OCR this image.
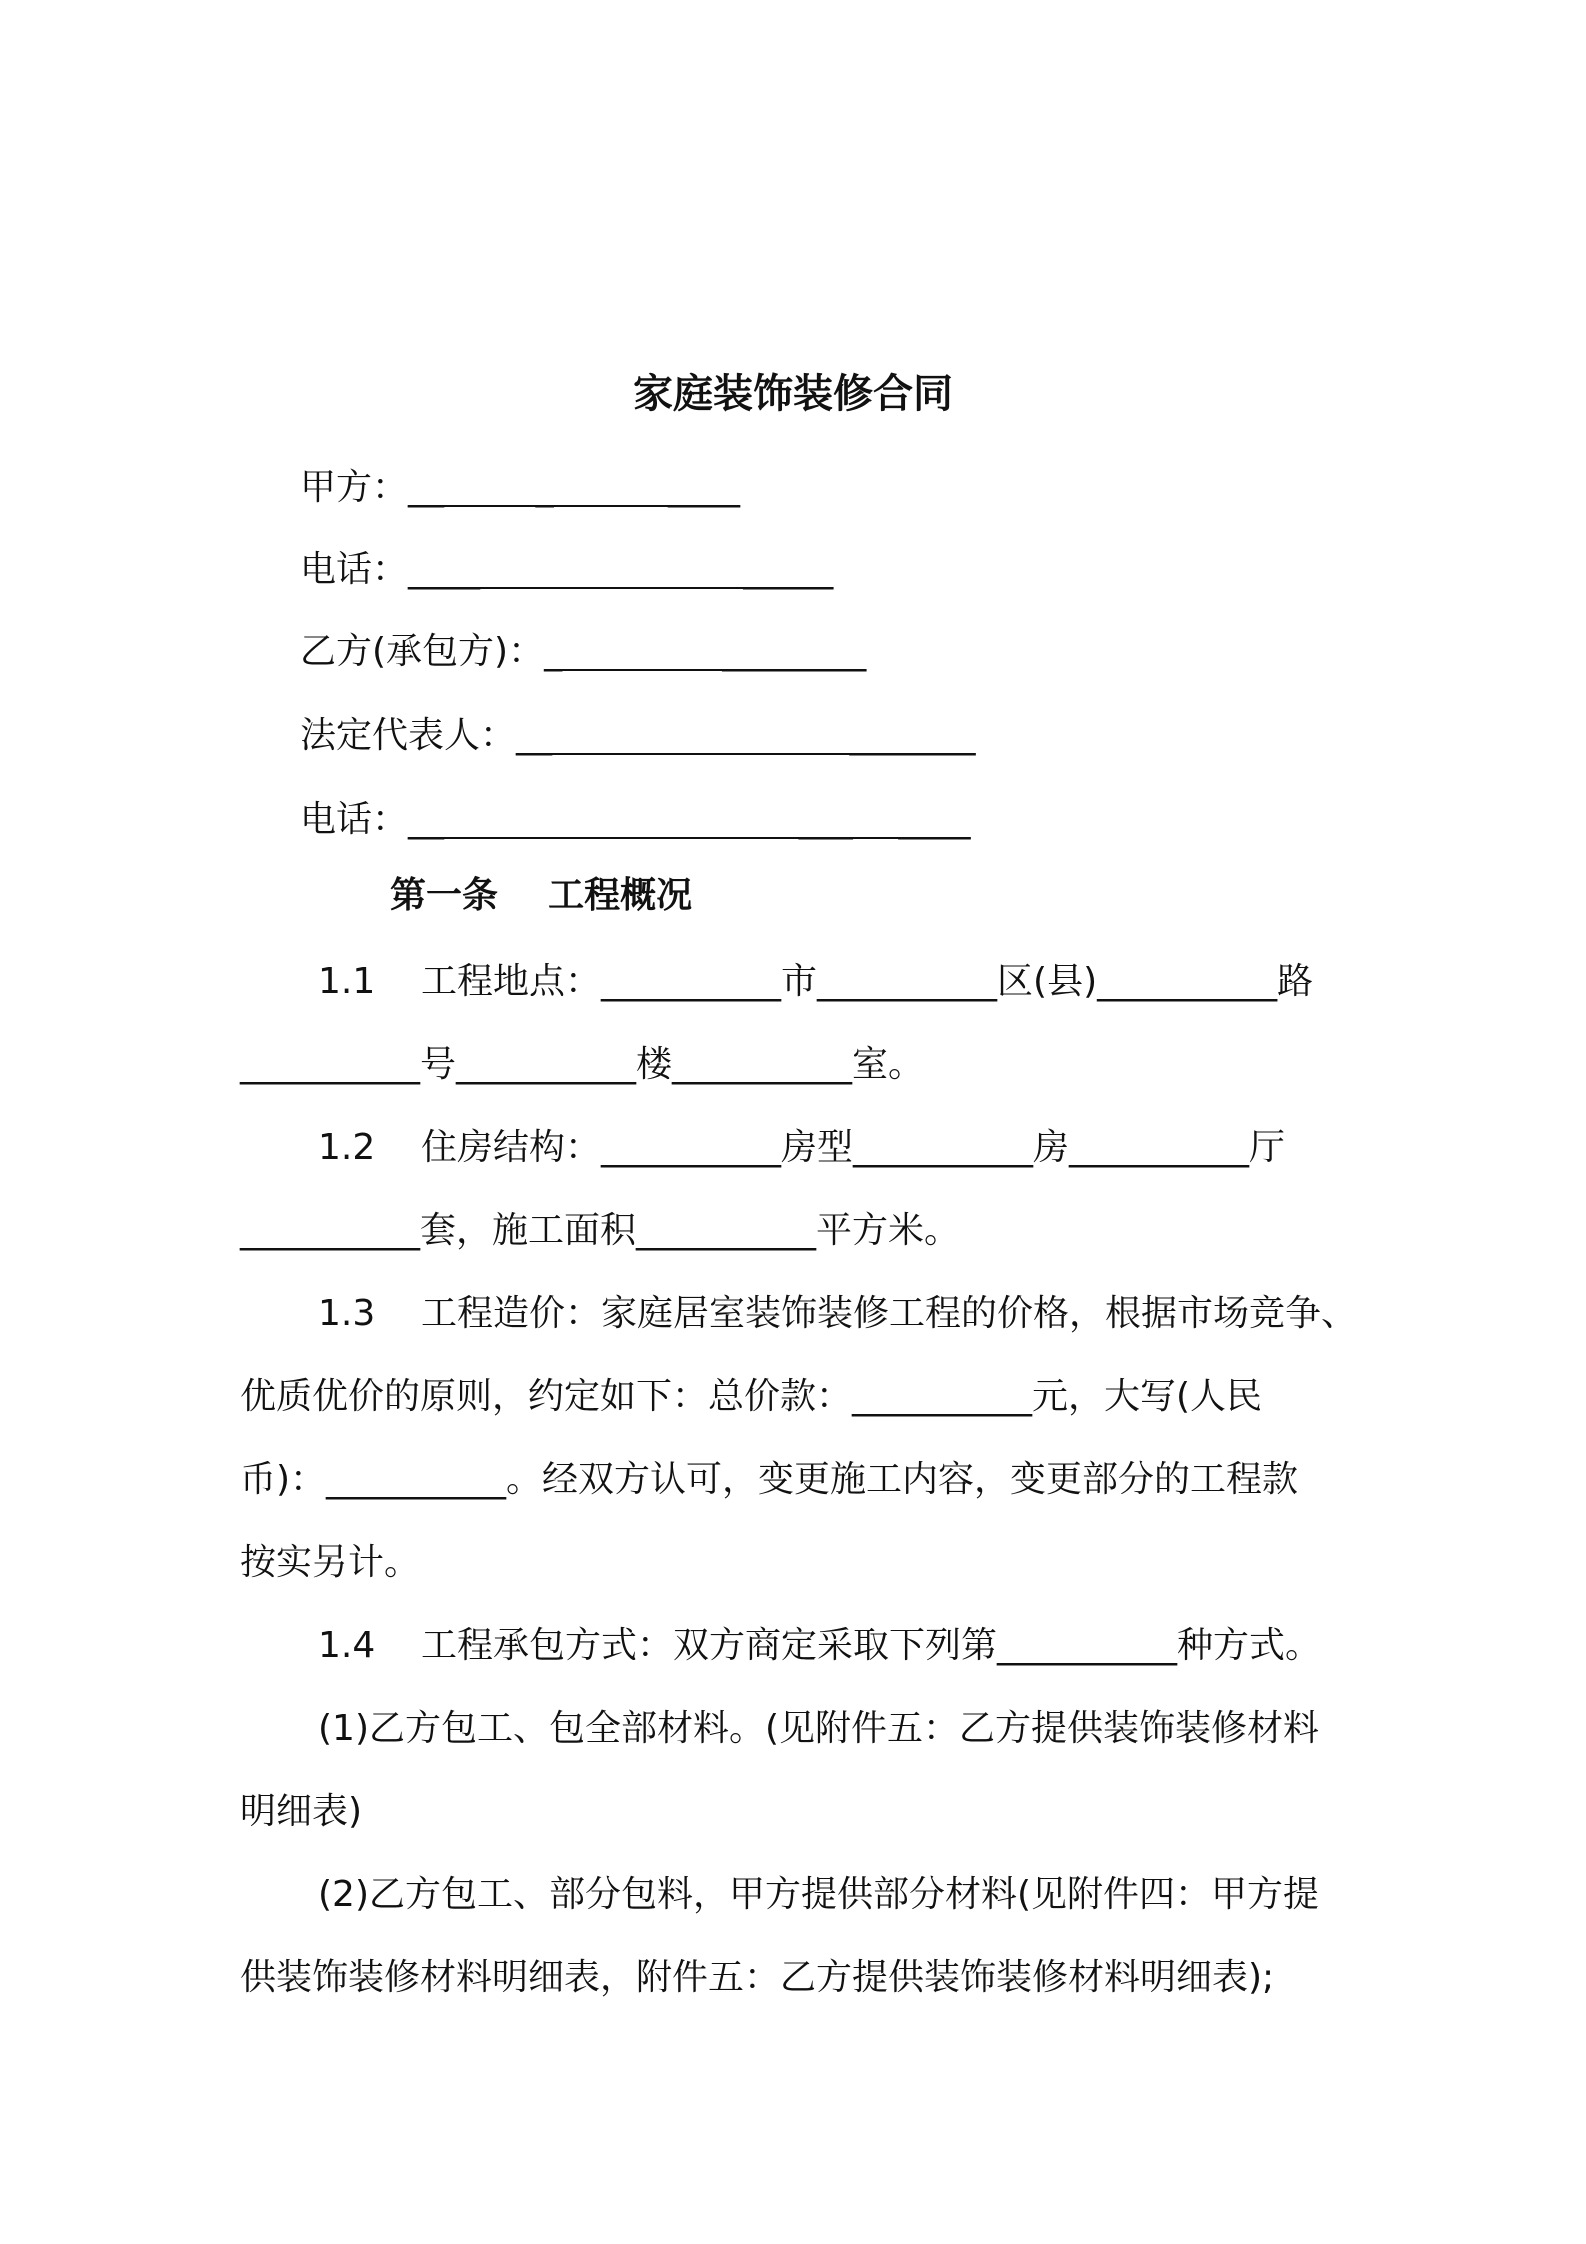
家庭装饰装修合同
甲方：__        _          ____
电话：____                       _____
乙方(承包方)：_              ________
法定代表人：__                          _______
电话：__                               ___    ____
第一条    工程概况
1.1    工程地点：__________市__________区(县)__________路
__________号__________楼__________室。
1.2    住房结构：__________房型__________房__________厅
__________套，施工面积__________平方米。
1.3    工程造价：家庭居室装饰装修工程的价格，根据市场竞争、
优质优价的原则，约定如下：总价款：__________元，大写(人民
币)：__________。经双方认可，变更施工内容，变更部分的工程款
按实另计。
1.4    工程承包方式：双方商定采取下列第__________种方式。
(1)乙方包工、包全部材料。(见附件五：乙方提供装饰装修材料
明细表)
(2)乙方包工、部分包料，甲方提供部分材料(见附件四：甲方提
供装饰装修材料明细表，附件五：乙方提供装饰装修材料明细表);
